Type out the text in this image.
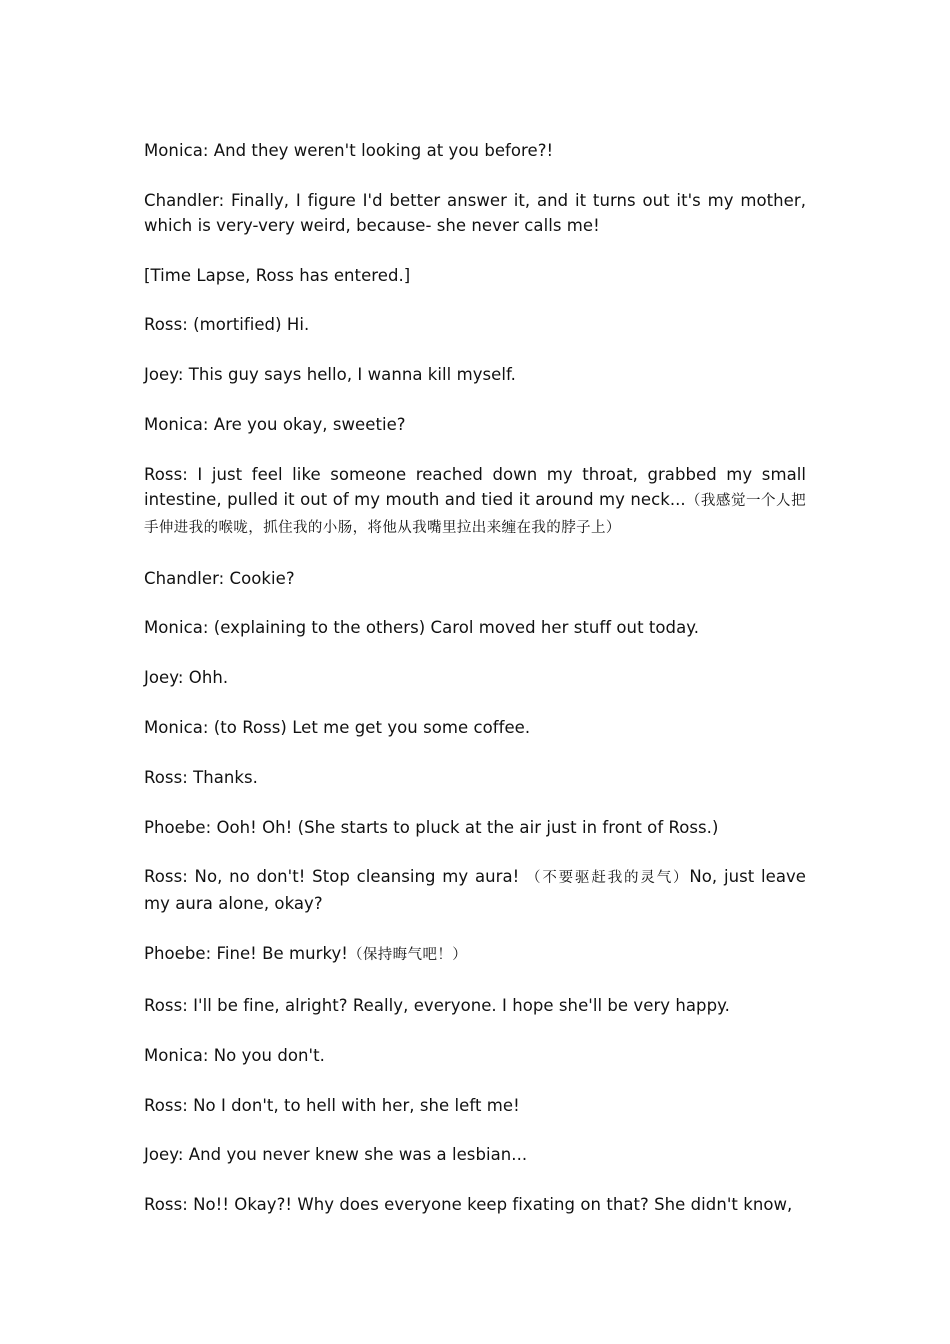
Monica: And they weren't looking at you before?!

Chandler: Finally, I figure I'd better answer it, and it turns out it's my mother, which is very-very weird, because- she never calls me!

[Time Lapse, Ross has entered.]

Ross: (mortified) Hi.

Joey: This guy says hello, I wanna kill myself.

Monica: Are you okay, sweetie?

Ross: I just feel like someone reached down my throat, grabbed my small intestine, pulled it out of my mouth and tied it around my neck...（我感觉一个人把手伸进我的喉咙，抓住我的小肠，将他从我嘴里拉出来缠在我的脖子上）

Chandler: Cookie?

Monica: (explaining to the others) Carol moved her stuff out today.

Joey: Ohh.

Monica: (to Ross) Let me get you some coffee.

Ross: Thanks.

Phoebe: Ooh! Oh! (She starts to pluck at the air just in front of Ross.)

Ross: No, no don't! Stop cleansing my aura! （不要驱赶我的灵气）No, just leave my aura alone, okay?

Phoebe: Fine! Be murky!（保持晦气吧！）

Ross: I'll be fine, alright? Really, everyone. I hope she'll be very happy.

Monica: No you don't.

Ross: No I don't, to hell with her, she left me!

Joey: And you never knew she was a lesbian...

Ross: No!! Okay?! Why does everyone keep fixating on that? She didn't know,
